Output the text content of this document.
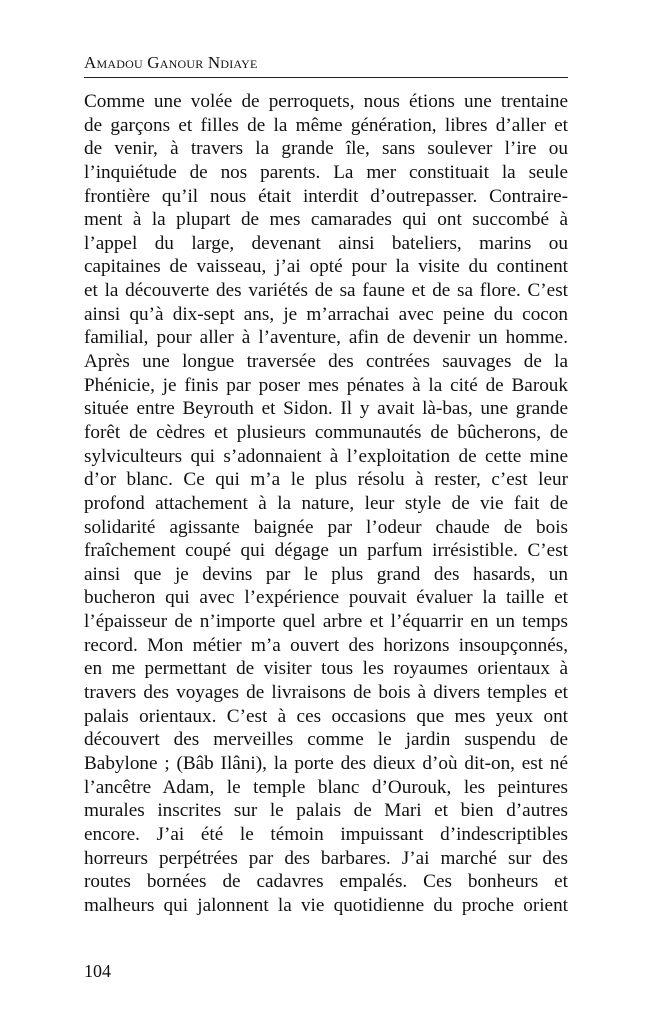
Amadou Ganour Ndiaye
Comme une volée de perroquets, nous étions une trentaine
de garçons et filles de la même génération, libres d’aller et
de venir, à travers la grande île, sans soulever l’ire ou
l’inquiétude de nos parents. La mer constituait la seule
frontière qu’il nous était interdit d’outrepasser. Contraire-
ment à la plupart de mes camarades qui ont succombé à
l’appel du large, devenant ainsi bateliers, marins ou
capitaines de vaisseau, j’ai opté pour la visite du continent
et la découverte des variétés de sa faune et de sa flore. C’est
ainsi qu’à dix-sept ans, je m’arrachai avec peine du cocon
familial, pour aller à l’aventure, afin de devenir un homme.
Après une longue traversée des contrées sauvages de la
Phénicie, je finis par poser mes pénates à la cité de Barouk
située entre Beyrouth et Sidon. Il y avait là-bas, une grande
forêt de cèdres et plusieurs communautés de bûcherons, de
sylviculteurs qui s’adonnaient à l’exploitation de cette mine
d’or blanc. Ce qui m’a le plus résolu à rester, c’est leur
profond attachement à la nature, leur style de vie fait de
solidarité agissante baignée par l’odeur chaude de bois
fraîchement coupé qui dégage un parfum irrésistible. C’est
ainsi que je devins par le plus grand des hasards, un
bucheron qui avec l’expérience pouvait évaluer la taille et
l’épaisseur de n’importe quel arbre et l’équarrir en un temps
record. Mon métier m’a ouvert des horizons insoupçonnés,
en me permettant de visiter tous les royaumes orientaux à
travers des voyages de livraisons de bois à divers temples et
palais orientaux. C’est à ces occasions que mes yeux ont
découvert des merveilles comme le jardin suspendu de
Babylone ; (Bâb Ilâni), la porte des dieux d’où dit-on, est né
l’ancêtre Adam, le temple blanc d’Ourouk, les peintures
murales inscrites sur le palais de Mari et bien d’autres
encore. J’ai été le témoin impuissant d’indescriptibles
horreurs perpétrées par des barbares. J’ai marché sur des
routes bornées de cadavres empalés. Ces bonheurs et
malheurs qui jalonnent la vie quotidienne du proche orient
104
